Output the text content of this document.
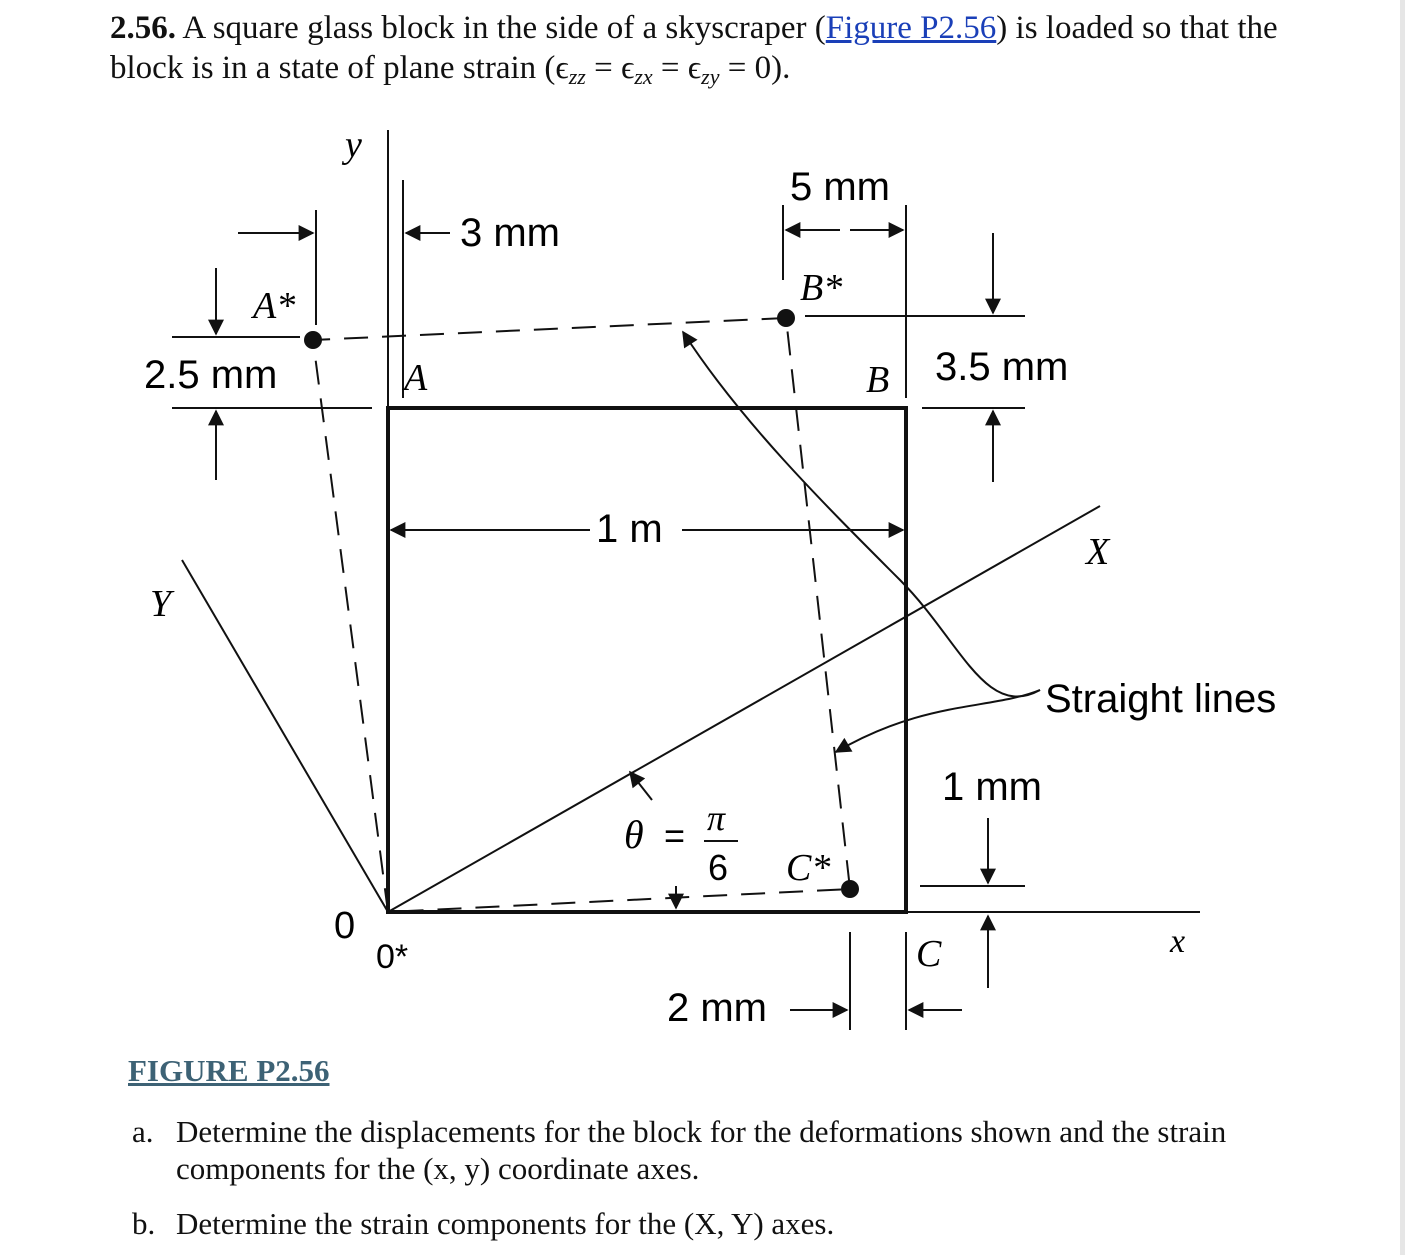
2.56. A square glass block in the side of a skyscraper (Figure P2.56) is loaded so that the block is in a state of plane strain (ϵzz = ϵzx = ϵzy = 0).
y
x
X
Y
3 mm
5 mm
2.5 mm	3.5 mm
1 m
1 mm
2 mm
A*
A
B*
B
C*
C
0
0*
θ = π
6
Straight lines
FIGURE P2.56
a. Determine the displacements for the block for the deformations shown and the strain components for the (x, y) coordinate axes.
b. Determine the strain components for the (X, Y) axes.
